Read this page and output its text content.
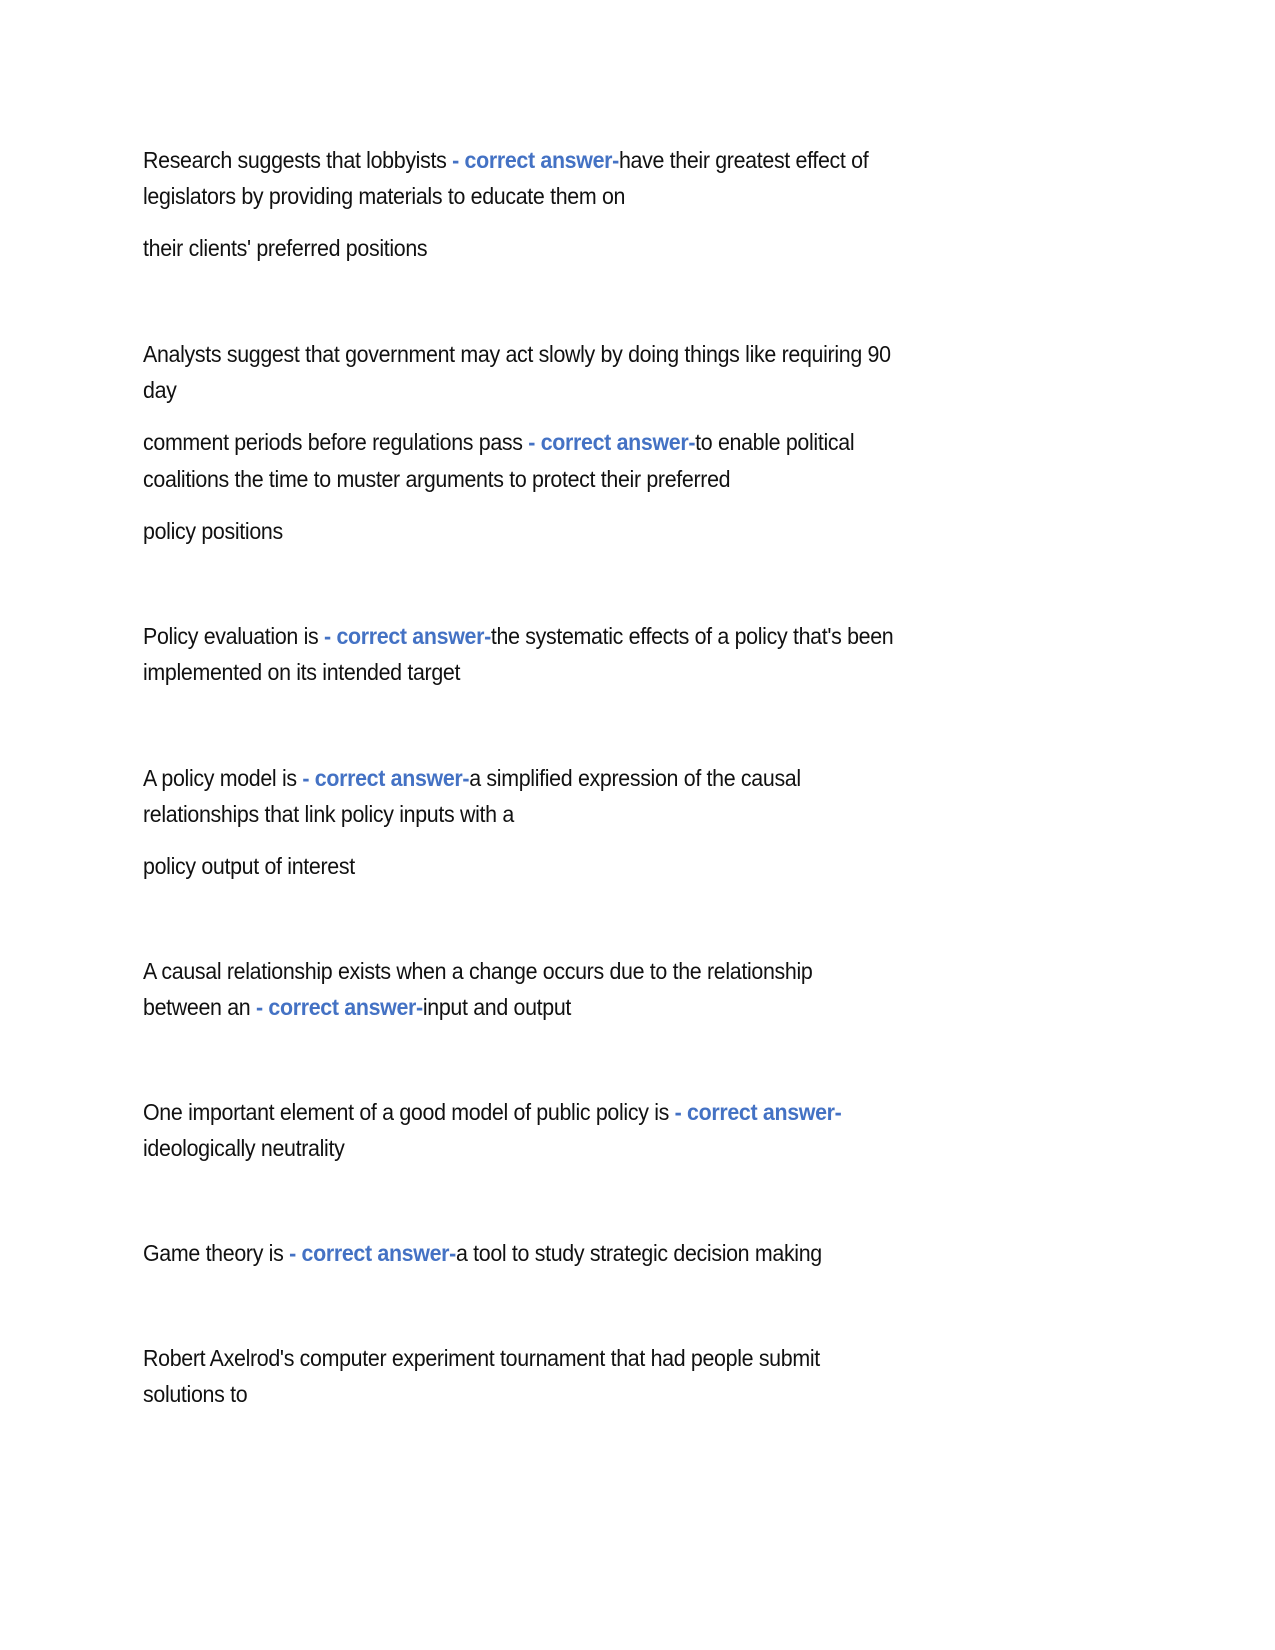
Research suggests that lobbyists - correct answer-have their greatest effect of
legislators by providing materials to educate them on
their clients' preferred positions
Analysts suggest that government may act slowly by doing things like requiring 90
day
comment periods before regulations pass - correct answer-to enable political
coalitions the time to muster arguments to protect their preferred
policy positions
Policy evaluation is - correct answer-the systematic effects of a policy that's been
implemented on its intended target
A policy model is - correct answer-a simplified expression of the causal
relationships that link policy inputs with a
policy output of interest
A causal relationship exists when a change occurs due to the relationship
between an - correct answer-input and output
One important element of a good model of public policy is - correct answer-
ideologically neutrality
Game theory is - correct answer-a tool to study strategic decision making
Robert Axelrod's computer experiment tournament that had people submit
solutions to
